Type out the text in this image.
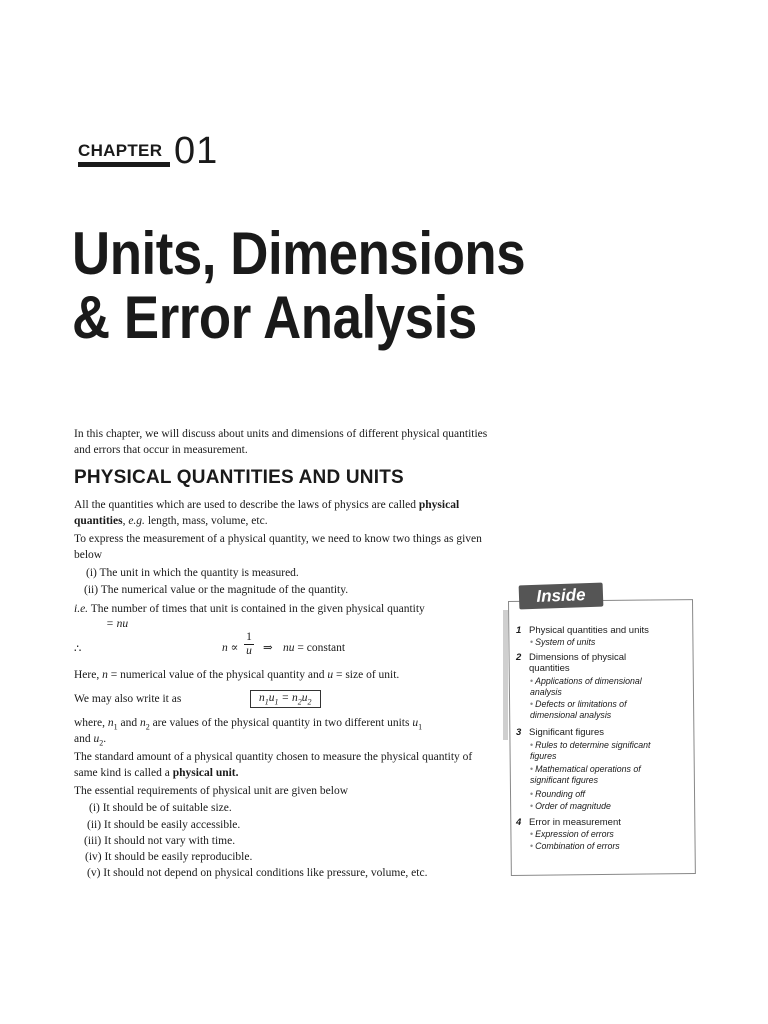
CHAPTER 01
Units, Dimensions
& Error Analysis
In this chapter, we will discuss about units and dimensions of different physical quantities and errors that occur in measurement.
PHYSICAL QUANTITIES AND UNITS
All the quantities which are used to describe the laws of physics are called physical quantities, e.g. length, mass, volume, etc.
To express the measurement of a physical quantity, we need to know two things as given below
(i) The unit in which the quantity is measured.
(ii) The numerical value or the magnitude of the quantity.
i.e. The number of times that unit is contained in the given physical quantity
= nu
∴	n ∝
1
u ⇒ nu = constant
Here, n = numerical value of the physical quantity and u = size of unit.
We may also write it as	$n_1u_1 = n_2u_2$
where, $n_1$ and $n_2$ are values of the physical quantity in two different units $u_1$
and $u_2$.
The standard amount of a physical quantity chosen to measure the physical quantity of same kind is called a physical unit.
The essential requirements of physical unit are given below
(i) It should be of suitable size.
(ii) It should be easily accessible.
(iii) It should not vary with time.
(iv) It should be easily reproducible.
(v) It should not depend on physical conditions like pressure, volume, etc.
Inside
1 Physical quantities and units
• System of units
2 Dimensions of physical quantities
• Applications of dimensional analysis
• Defects or limitations of dimensional analysis
3 Significant figures
• Rules to determine significant figures
• Mathematical operations of significant figures
• Rounding off
• Order of magnitude
4 Error in measurement
• Expression of errors
• Combination of errors
